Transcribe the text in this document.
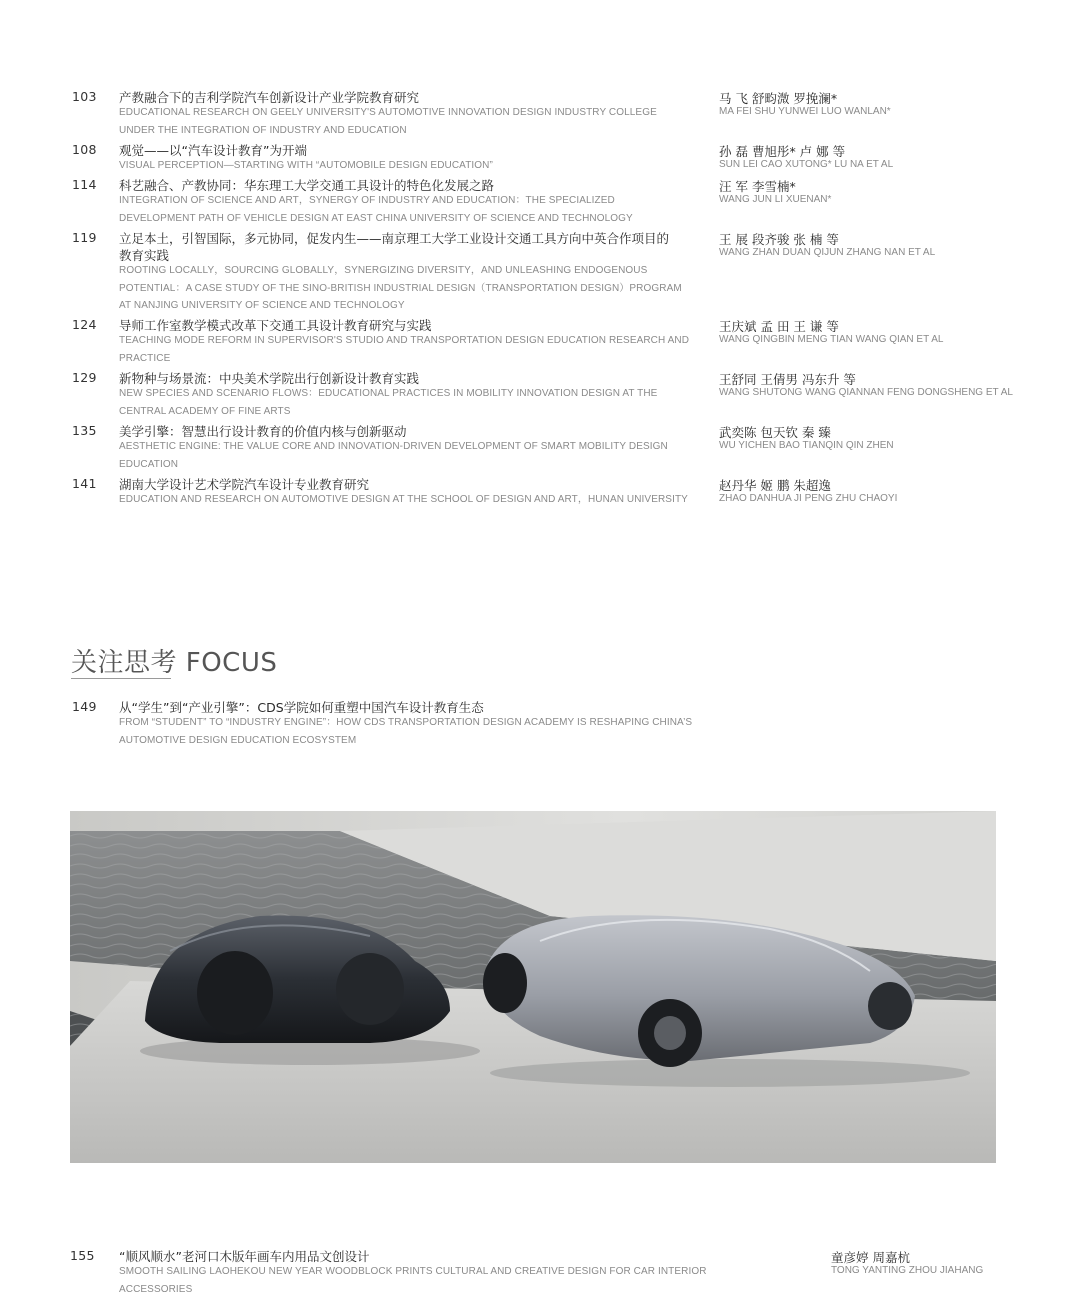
103 产教融合下的吉利学院汽车创新设计产业学院教育研究
EDUCATIONAL RESEARCH ON GEELY UNIVERSITY'S AUTOMOTIVE INNOVATION DESIGN INDUSTRY COLLEGE UNDER THE INTEGRATION OF INDUSTRY AND EDUCATION
马 飞 舒畇溦 罗挽澜*
MA FEI SHU YUNWEI LUO WANLAN*
108 观觉——以“汽车设计教育”为开端
VISUAL PERCEPTION—STARTING WITH “AUTOMOBILE DESIGN EDUCATION”
孙 磊 曹旭彤* 卢 娜 等
SUN LEI CAO XUTONG* LU NA ET AL
114 科艺融合、产教协同：华东理工大学交通工具设计的特色化发展之路
INTEGRATION OF SCIENCE AND ART，SYNERGY OF INDUSTRY AND EDUCATION：THE SPECIALIZED DEVELOPMENT PATH OF VEHICLE DESIGN AT EAST CHINA UNIVERSITY OF SCIENCE AND TECHNOLOGY
汪 军 李雪楠*
WANG JUN LI XUENAN*
119 立足本土，引智国际，多元协同，促发内生——南京理工大学工业设计交通工具方向中英合作项目的教育实践
ROOTING LOCALLY，SOURCING GLOBALLY，SYNERGIZING DIVERSITY，AND UNLEASHING ENDOGENOUS POTENTIAL：A CASE STUDY OF THE SINO-BRITISH INDUSTRIAL DESIGN（TRANSPORTATION DESIGN）PROGRAM AT NANJING UNIVERSITY OF SCIENCE AND TECHNOLOGY
王 展 段齐骏 张 楠 等
WANG ZHAN DUAN QIJUN ZHANG NAN ET AL
124 导师工作室教学模式改革下交通工具设计教育研究与实践
TEACHING MODE REFORM IN SUPERVISOR'S STUDIO AND TRANSPORTATION DESIGN EDUCATION RESEARCH AND PRACTICE
王庆斌 孟 田 王 谦 等
WANG QINGBIN MENG TIAN WANG QIAN ET AL
129 新物种与场景流：中央美术学院出行创新设计教育实践
NEW SPECIES AND SCENARIO FLOWS：EDUCATIONAL PRACTICES IN MOBILITY INNOVATION DESIGN AT THE CENTRAL ACADEMY OF FINE ARTS
王舒同 王倩男 冯东升 等
WANG SHUTONG WANG QIANNAN FENG DONGSHENG ET AL
135 美学引擎：智慧出行设计教育的价值内核与创新驱动
AESTHETIC ENGINE: THE VALUE CORE AND INNOVATION-DRIVEN DEVELOPMENT OF SMART MOBILITY DESIGN EDUCATION
武奕陈 包天钦 秦 臻
WU YICHEN BAO TIANQIN QIN ZHEN
141 湖南大学设计艺术学院汽车设计专业教育研究
EDUCATION AND RESEARCH ON AUTOMOTIVE DESIGN AT THE SCHOOL OF DESIGN AND ART，HUNAN UNIVERSITY
赵丹华 姬 鹏 朱超逸
ZHAO DANHUA JI PENG ZHU CHAOYI
关注思考 FOCUS
149 从“学生”到“产业引擎”：CDS学院如何重塑中国汽车设计教育生态
FROM “STUDENT” TO “INDUSTRY ENGINE”：HOW CDS TRANSPORTATION DESIGN ACADEMY IS RESHAPING CHINA’S AUTOMOTIVE DESIGN EDUCATION ECOSYSTEM
155 “顺风顺水”老河口木版年画车内用品文创设计
SMOOTH SAILING LAOHEKOU NEW YEAR WOODBLOCK PRINTS CULTURAL AND CREATIVE DESIGN FOR CAR INTERIOR ACCESSORIES
童彦婷 周嘉杭
TONG YANTING ZHOU JIAHANG
